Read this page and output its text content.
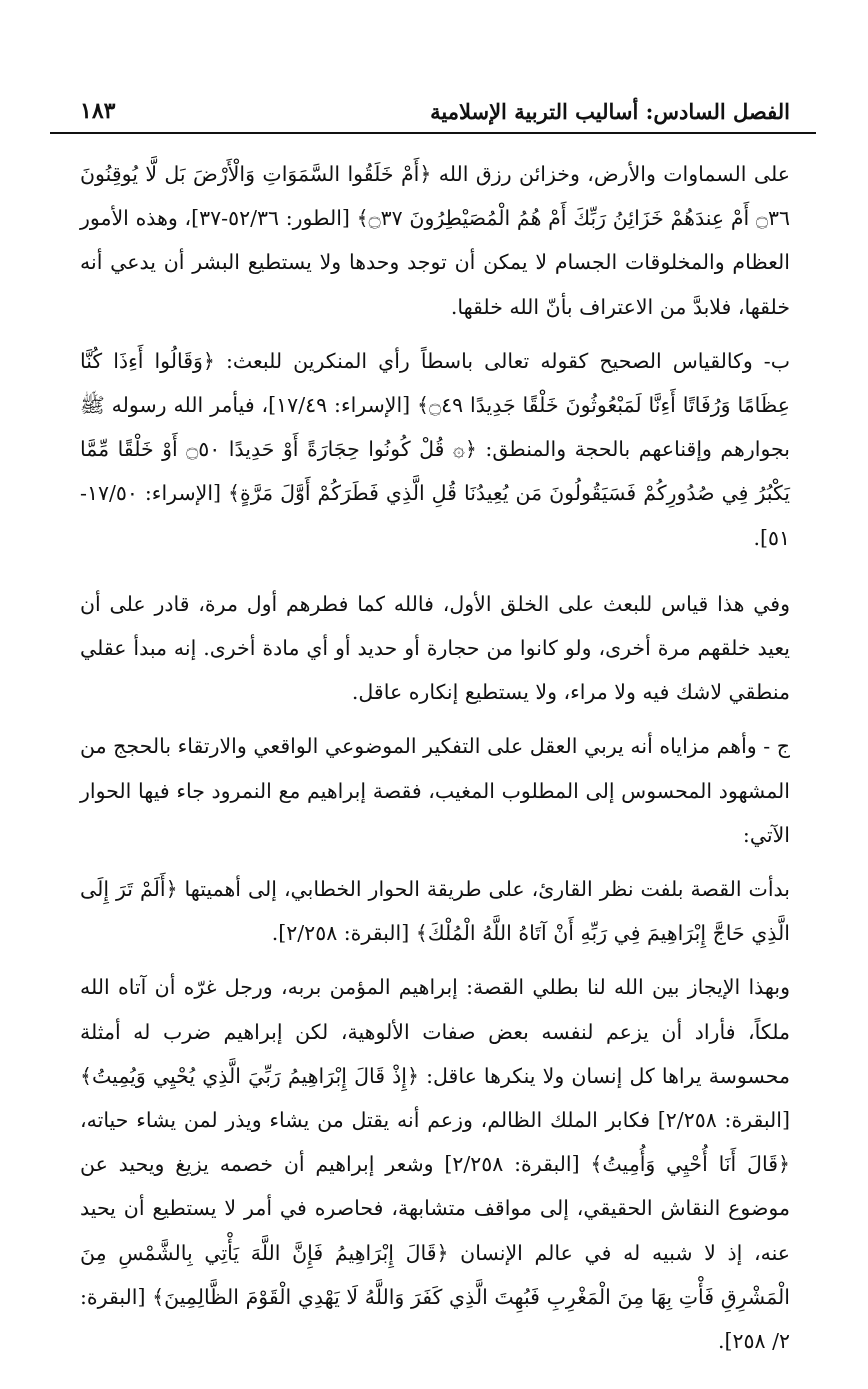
الفصل السادس: أساليب التربية الإسلامية
١٨٣

على السماوات والأرض، وخزائن رزق الله ﴿أَمْ خَلَقُوا السَّمَوَاتِ وَالْأَرْضَ بَل لَّا يُوقِنُونَ ۝٣٦ أَمْ عِندَهُمْ خَزَائِنُ رَبِّكَ أَمْ هُمُ الْمُصَيْطِرُونَ ۝٣٧﴾ [الطور: ٥٢/٣٦-٣٧]، وهذه الأمور العظام والمخلوقات الجسام لا يمكن أن توجد وحدها ولا يستطيع البشر أن يدعي أنه خلقها، فلابدَّ من الاعتراف بأنّ الله خلقها.

ب- وكالقياس الصحيح كقوله تعالى باسطاً رأي المنكرين للبعث: ﴿وَقَالُوا أَءِذَا كُنَّا عِظَامًا وَرُفَاتًا أَءِنَّا لَمَبْعُوثُونَ خَلْقًا جَدِيدًا ۝٤٩﴾ [الإسراء: ١٧/٤٩]، فيأمر الله رسوله ﷺ بجوارهم وإقناعهم بالحجة والمنطق: ﴿۞ قُلْ كُونُوا حِجَارَةً أَوْ حَدِيدًا ۝٥٠ أَوْ خَلْقًا مِّمَّا يَكْبُرُ فِي صُدُورِكُمْ فَسَيَقُولُونَ مَن يُعِيدُنَا قُلِ الَّذِي فَطَرَكُمْ أَوَّلَ مَرَّةٍ﴾ [الإسراء: ١٧/٥٠- ٥١].

وفي هذا قياس للبعث على الخلق الأول، فالله كما فطرهم أول مرة، قادر على أن يعيد خلقهم مرة أخرى، ولو كانوا من حجارة أو حديد أو أي مادة أخرى. إنه مبدأ عقلي منطقي لاشك فيه ولا مراء، ولا يستطيع إنكاره عاقل.

ج - وأهم مزاياه أنه يربي العقل على التفكير الموضوعي الواقعي والارتقاء بالحجج من المشهود المحسوس إلى المطلوب المغيب، فقصة إبراهيم مع النمرود جاء فيها الحوار الآتي:

بدأت القصة بلفت نظر القارئ، على طريقة الحوار الخطابي، إلى أهميتها ﴿أَلَمْ تَرَ إِلَى الَّذِي حَاجَّ إِبْرَاهِيمَ فِي رَبِّهِ أَنْ آتَاهُ اللَّهُ الْمُلْكَ﴾ [البقرة: ٢/٢٥٨].

وبهذا الإيجاز بين الله لنا بطلي القصة: إبراهيم المؤمن بربه، ورجل غرّه أن آتاه الله ملكاً، فأراد أن يزعم لنفسه بعض صفات الألوهية، لكن إبراهيم ضرب له أمثلة محسوسة يراها كل إنسان ولا ينكرها عاقل: ﴿إِذْ قَالَ إِبْرَاهِيمُ رَبِّيَ الَّذِي يُحْيِي وَيُمِيتُ﴾ [البقرة: ٢/٢٥٨] فكابر الملك الظالم، وزعم أنه يقتل من يشاء ويذر لمن يشاء حياته، ﴿قَالَ أَنَا أُحْيِي وَأُمِيتُ﴾ [البقرة: ٢/٢٥٨] وشعر إبراهيم أن خصمه يزيغ ويحيد عن موضوع النقاش الحقيقي، إلى مواقف متشابهة، فحاصره في أمر لا يستطيع أن يحيد عنه، إذ لا شبيه له في عالم الإنسان ﴿قَالَ إِبْرَاهِيمُ فَإِنَّ اللَّهَ يَأْتِي بِالشَّمْسِ مِنَ الْمَشْرِقِ فَأْتِ بِهَا مِنَ الْمَغْرِبِ فَبُهِتَ الَّذِي كَفَرَ وَاللَّهُ لَا يَهْدِي الْقَوْمَ الظَّالِمِينَ﴾ [البقرة: ٢/ ٢٥٨].
